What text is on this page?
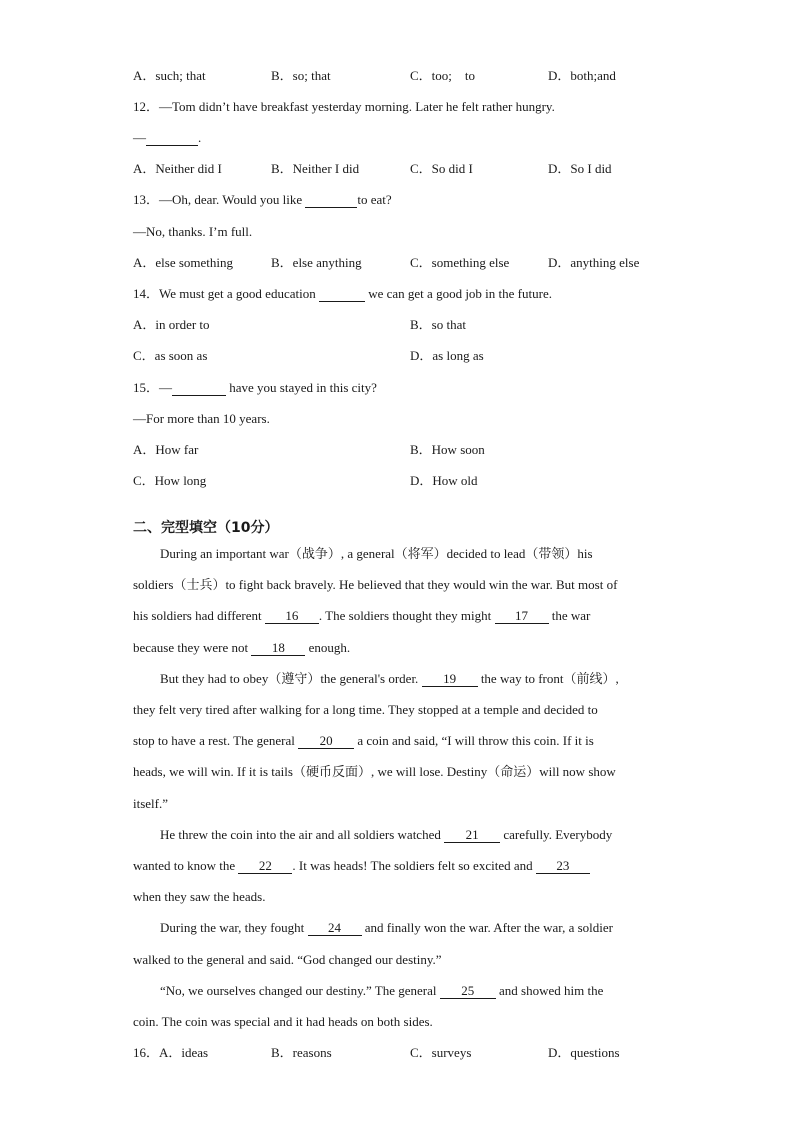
A．such; that	B．so; that	C．too;　to	D．both;and
12．—Tom didn’t have breakfast yesterday morning. Later he felt rather hungry.
—	.
A．Neither did I	B．Neither I did	C．So did I	D．So I did
13．—Oh, dear. Would you like	to eat?
—No, thanks. I’m full.
A．else something	B．else anything	C．something else	D．anything else
14．We must get a good education	we can get a good job in the future.
A．in order to	B．so that
C．as soon as	D．as long as
15．—	have you stayed in this city?
—For more than 10 years.
A．How far	B．How soon
C．How long	D．How old
二、完型填空（10分）
During an important war（战争）, a general（将军）decided to lead（带领）his
soldiers（士兵）to fight back bravely. He believed that they would win the war. But most of
his soldiers had different 16 . The soldiers thought they might 17 the war
because they were not 18 enough.
But they had to obey（遵守）the general's order. 19 the way to front（前线）,
they felt very tired after walking for a long time. They stopped at a temple and decided to
stop to have a rest. The general 20 a coin and said, “I will throw this coin. If it is
heads, we will win. If it is tails（硬币反面）, we will lose. Destiny（命运）will now show
itself.”
He threw the coin into the air and all soldiers watched 21 carefully. Everybody
wanted to know the 22 . It was heads! The soldiers felt so excited and 23
when they saw the heads.
During the war, they fought 24 and finally won the war. After the war, a soldier
walked to the general and said. “God changed our destiny.”
“No, we ourselves changed our destiny.” The general 25 and showed him the
coin. The coin was special and it had heads on both sides.
16．A．ideas	B．reasons	C．surveys	D．questions
